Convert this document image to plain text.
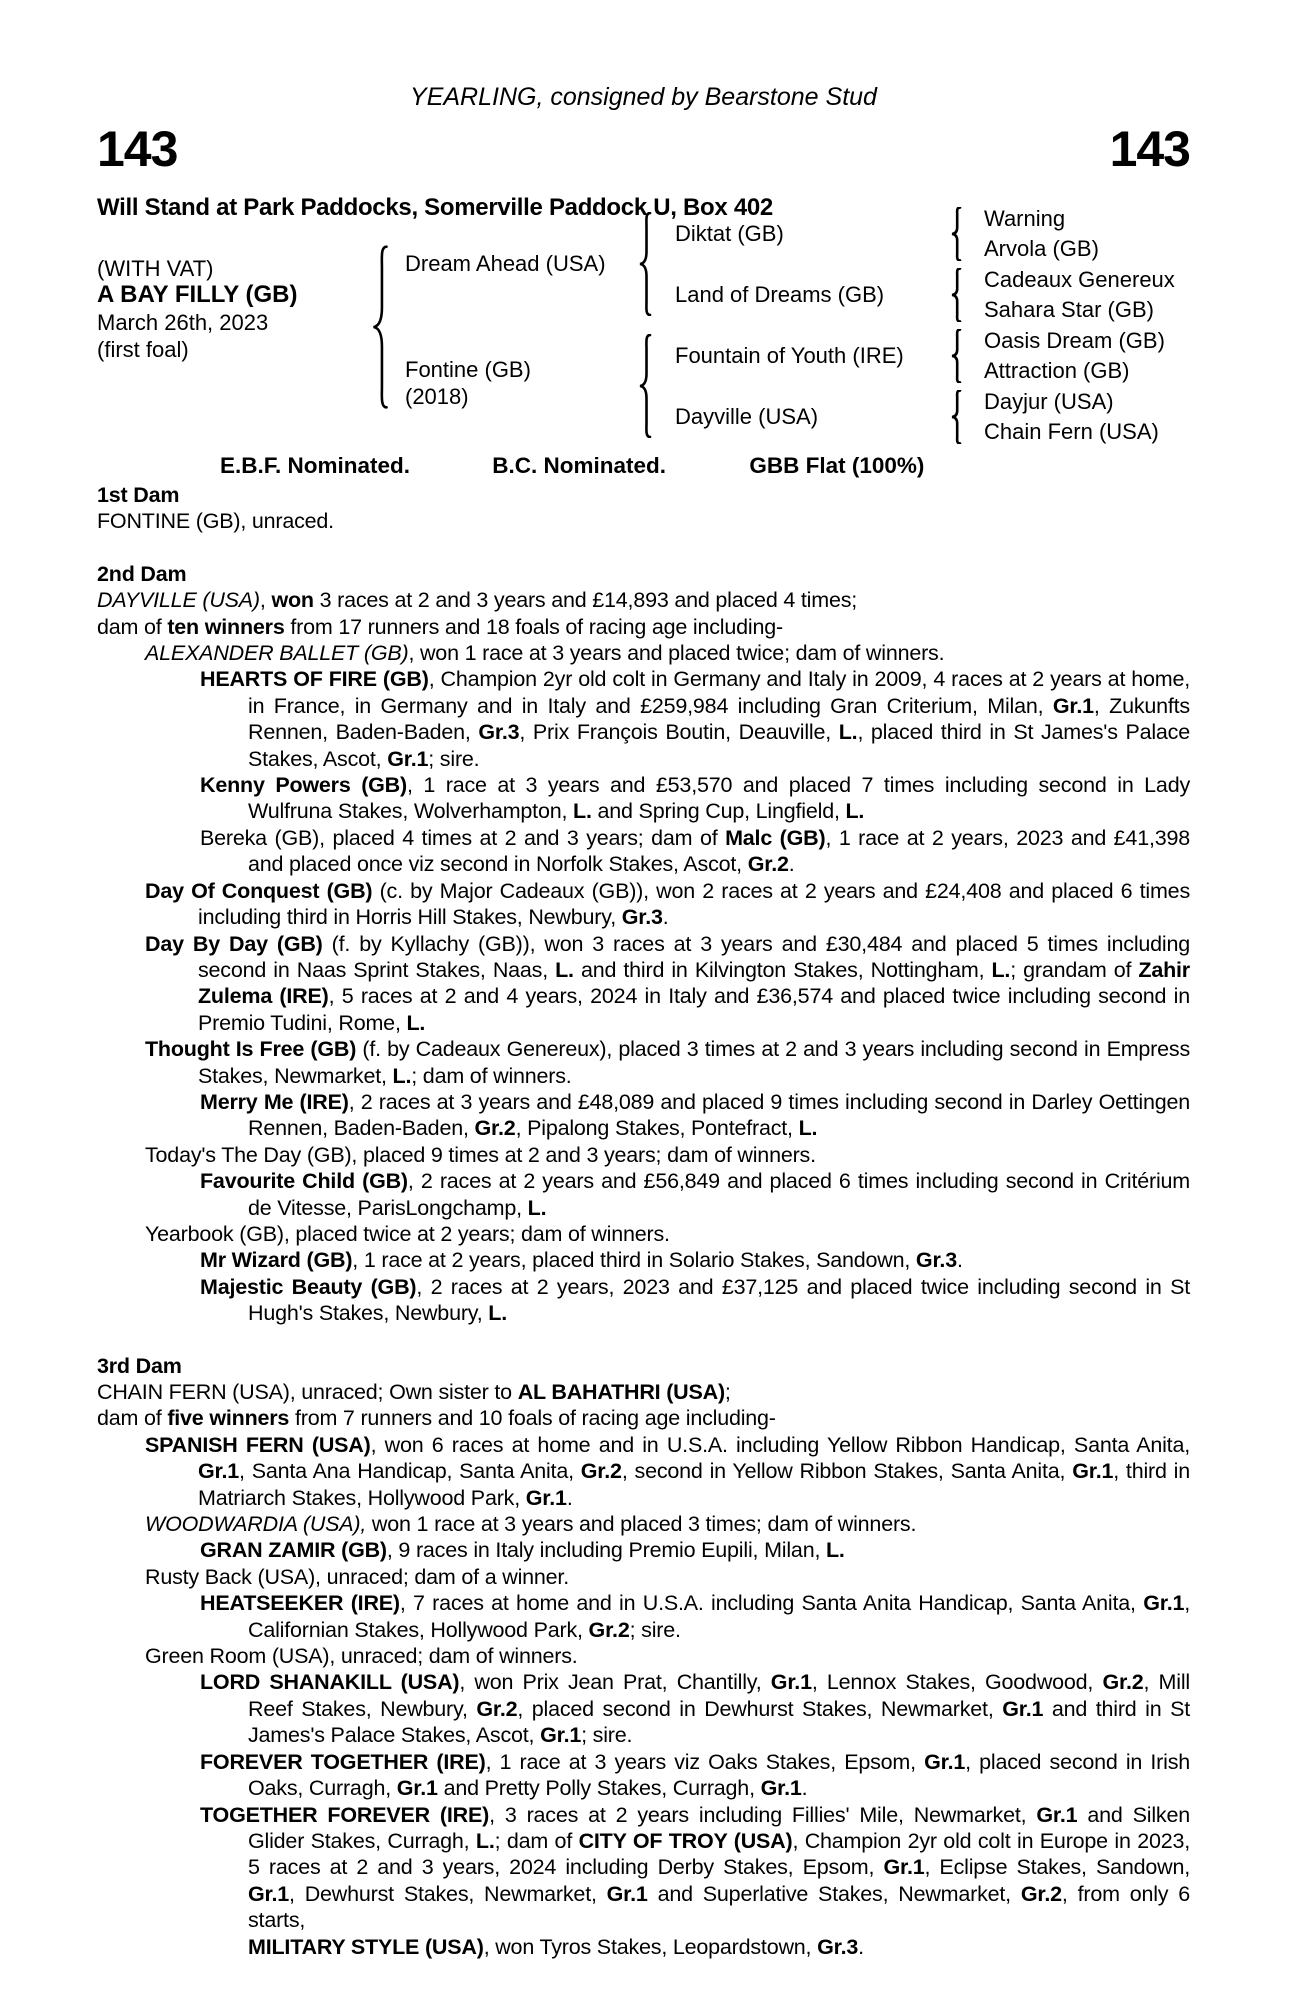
YEARLING, consigned by Bearstone Stud
143	143
Will Stand at Park Paddocks, Somerville Paddock U, Box 402
(WITH VAT)
A BAY FILLY (GB)
March 26th, 2023
(first foal)
Dream Ahead (USA)
Fontine (GB)
(2018)
Diktat (GB)
Land of Dreams (GB)
Fountain of Youth (IRE)
Dayville (USA)
Warning
Arvola (GB)
Cadeaux Genereux
Sahara Star (GB)
Oasis Dream (GB)
Attraction (GB)
Dayjur (USA)
Chain Fern (USA)
E.B.F. Nominated.	B.C. Nominated.	GBB Flat (100%)
1st Dam
FONTINE (GB), unraced.
2nd Dam
DAYVILLE (USA), won 3 races at 2 and 3 years and £14,893 and placed 4 times;
dam of ten winners from 17 runners and 18 foals of racing age including-
ALEXANDER BALLET (GB), won 1 race at 3 years and placed twice; dam of winners.
HEARTS OF FIRE (GB), Champion 2yr old colt in Germany and Italy in 2009, 4 races at 2 years at home, in France, in Germany and in Italy and £259,984 including Gran Criterium, Milan, Gr.1, Zukunfts Rennen, Baden-Baden, Gr.3, Prix François Boutin, Deauville, L., placed third in St James's Palace Stakes, Ascot, Gr.1; sire.
Kenny Powers (GB), 1 race at 3 years and £53,570 and placed 7 times including second in Lady Wulfruna Stakes, Wolverhampton, L. and Spring Cup, Lingfield, L.
Bereka (GB), placed 4 times at 2 and 3 years; dam of Malc (GB), 1 race at 2 years, 2023 and £41,398 and placed once viz second in Norfolk Stakes, Ascot, Gr.2.
Day Of Conquest (GB) (c. by Major Cadeaux (GB)), won 2 races at 2 years and £24,408 and placed 6 times including third in Horris Hill Stakes, Newbury, Gr.3.
Day By Day (GB) (f. by Kyllachy (GB)), won 3 races at 3 years and £30,484 and placed 5 times including second in Naas Sprint Stakes, Naas, L. and third in Kilvington Stakes, Nottingham, L.; grandam of Zahir Zulema (IRE), 5 races at 2 and 4 years, 2024 in Italy and £36,574 and placed twice including second in Premio Tudini, Rome, L.
Thought Is Free (GB) (f. by Cadeaux Genereux), placed 3 times at 2 and 3 years including second in Empress Stakes, Newmarket, L.; dam of winners.
Merry Me (IRE), 2 races at 3 years and £48,089 and placed 9 times including second in Darley Oettingen Rennen, Baden-Baden, Gr.2, Pipalong Stakes, Pontefract, L.
Today's The Day (GB), placed 9 times at 2 and 3 years; dam of winners.
Favourite Child (GB), 2 races at 2 years and £56,849 and placed 6 times including second in Critérium de Vitesse, ParisLongchamp, L.
Yearbook (GB), placed twice at 2 years; dam of winners.
Mr Wizard (GB), 1 race at 2 years, placed third in Solario Stakes, Sandown, Gr.3.
Majestic Beauty (GB), 2 races at 2 years, 2023 and £37,125 and placed twice including second in St Hugh's Stakes, Newbury, L.
3rd Dam
CHAIN FERN (USA), unraced; Own sister to AL BAHATHRI (USA);
dam of five winners from 7 runners and 10 foals of racing age including-
SPANISH FERN (USA), won 6 races at home and in U.S.A. including Yellow Ribbon Handicap, Santa Anita, Gr.1, Santa Ana Handicap, Santa Anita, Gr.2, second in Yellow Ribbon Stakes, Santa Anita, Gr.1, third in Matriarch Stakes, Hollywood Park, Gr.1.
WOODWARDIA (USA), won 1 race at 3 years and placed 3 times; dam of winners.
GRAN ZAMIR (GB), 9 races in Italy including Premio Eupili, Milan, L.
Rusty Back (USA), unraced; dam of a winner.
HEATSEEKER (IRE), 7 races at home and in U.S.A. including Santa Anita Handicap, Santa Anita, Gr.1, Californian Stakes, Hollywood Park, Gr.2; sire.
Green Room (USA), unraced; dam of winners.
LORD SHANAKILL (USA), won Prix Jean Prat, Chantilly, Gr.1, Lennox Stakes, Goodwood, Gr.2, Mill Reef Stakes, Newbury, Gr.2, placed second in Dewhurst Stakes, Newmarket, Gr.1 and third in St James's Palace Stakes, Ascot, Gr.1; sire.
FOREVER TOGETHER (IRE), 1 race at 3 years viz Oaks Stakes, Epsom, Gr.1, placed second in Irish Oaks, Curragh, Gr.1 and Pretty Polly Stakes, Curragh, Gr.1.
TOGETHER FOREVER (IRE), 3 races at 2 years including Fillies' Mile, Newmarket, Gr.1 and Silken Glider Stakes, Curragh, L.; dam of CITY OF TROY (USA), Champion 2yr old colt in Europe in 2023, 5 races at 2 and 3 years, 2024 including Derby Stakes, Epsom, Gr.1, Eclipse Stakes, Sandown, Gr.1, Dewhurst Stakes, Newmarket, Gr.1 and Superlative Stakes, Newmarket, Gr.2, from only 6 starts,
MILITARY STYLE (USA), won Tyros Stakes, Leopardstown, Gr.3.
